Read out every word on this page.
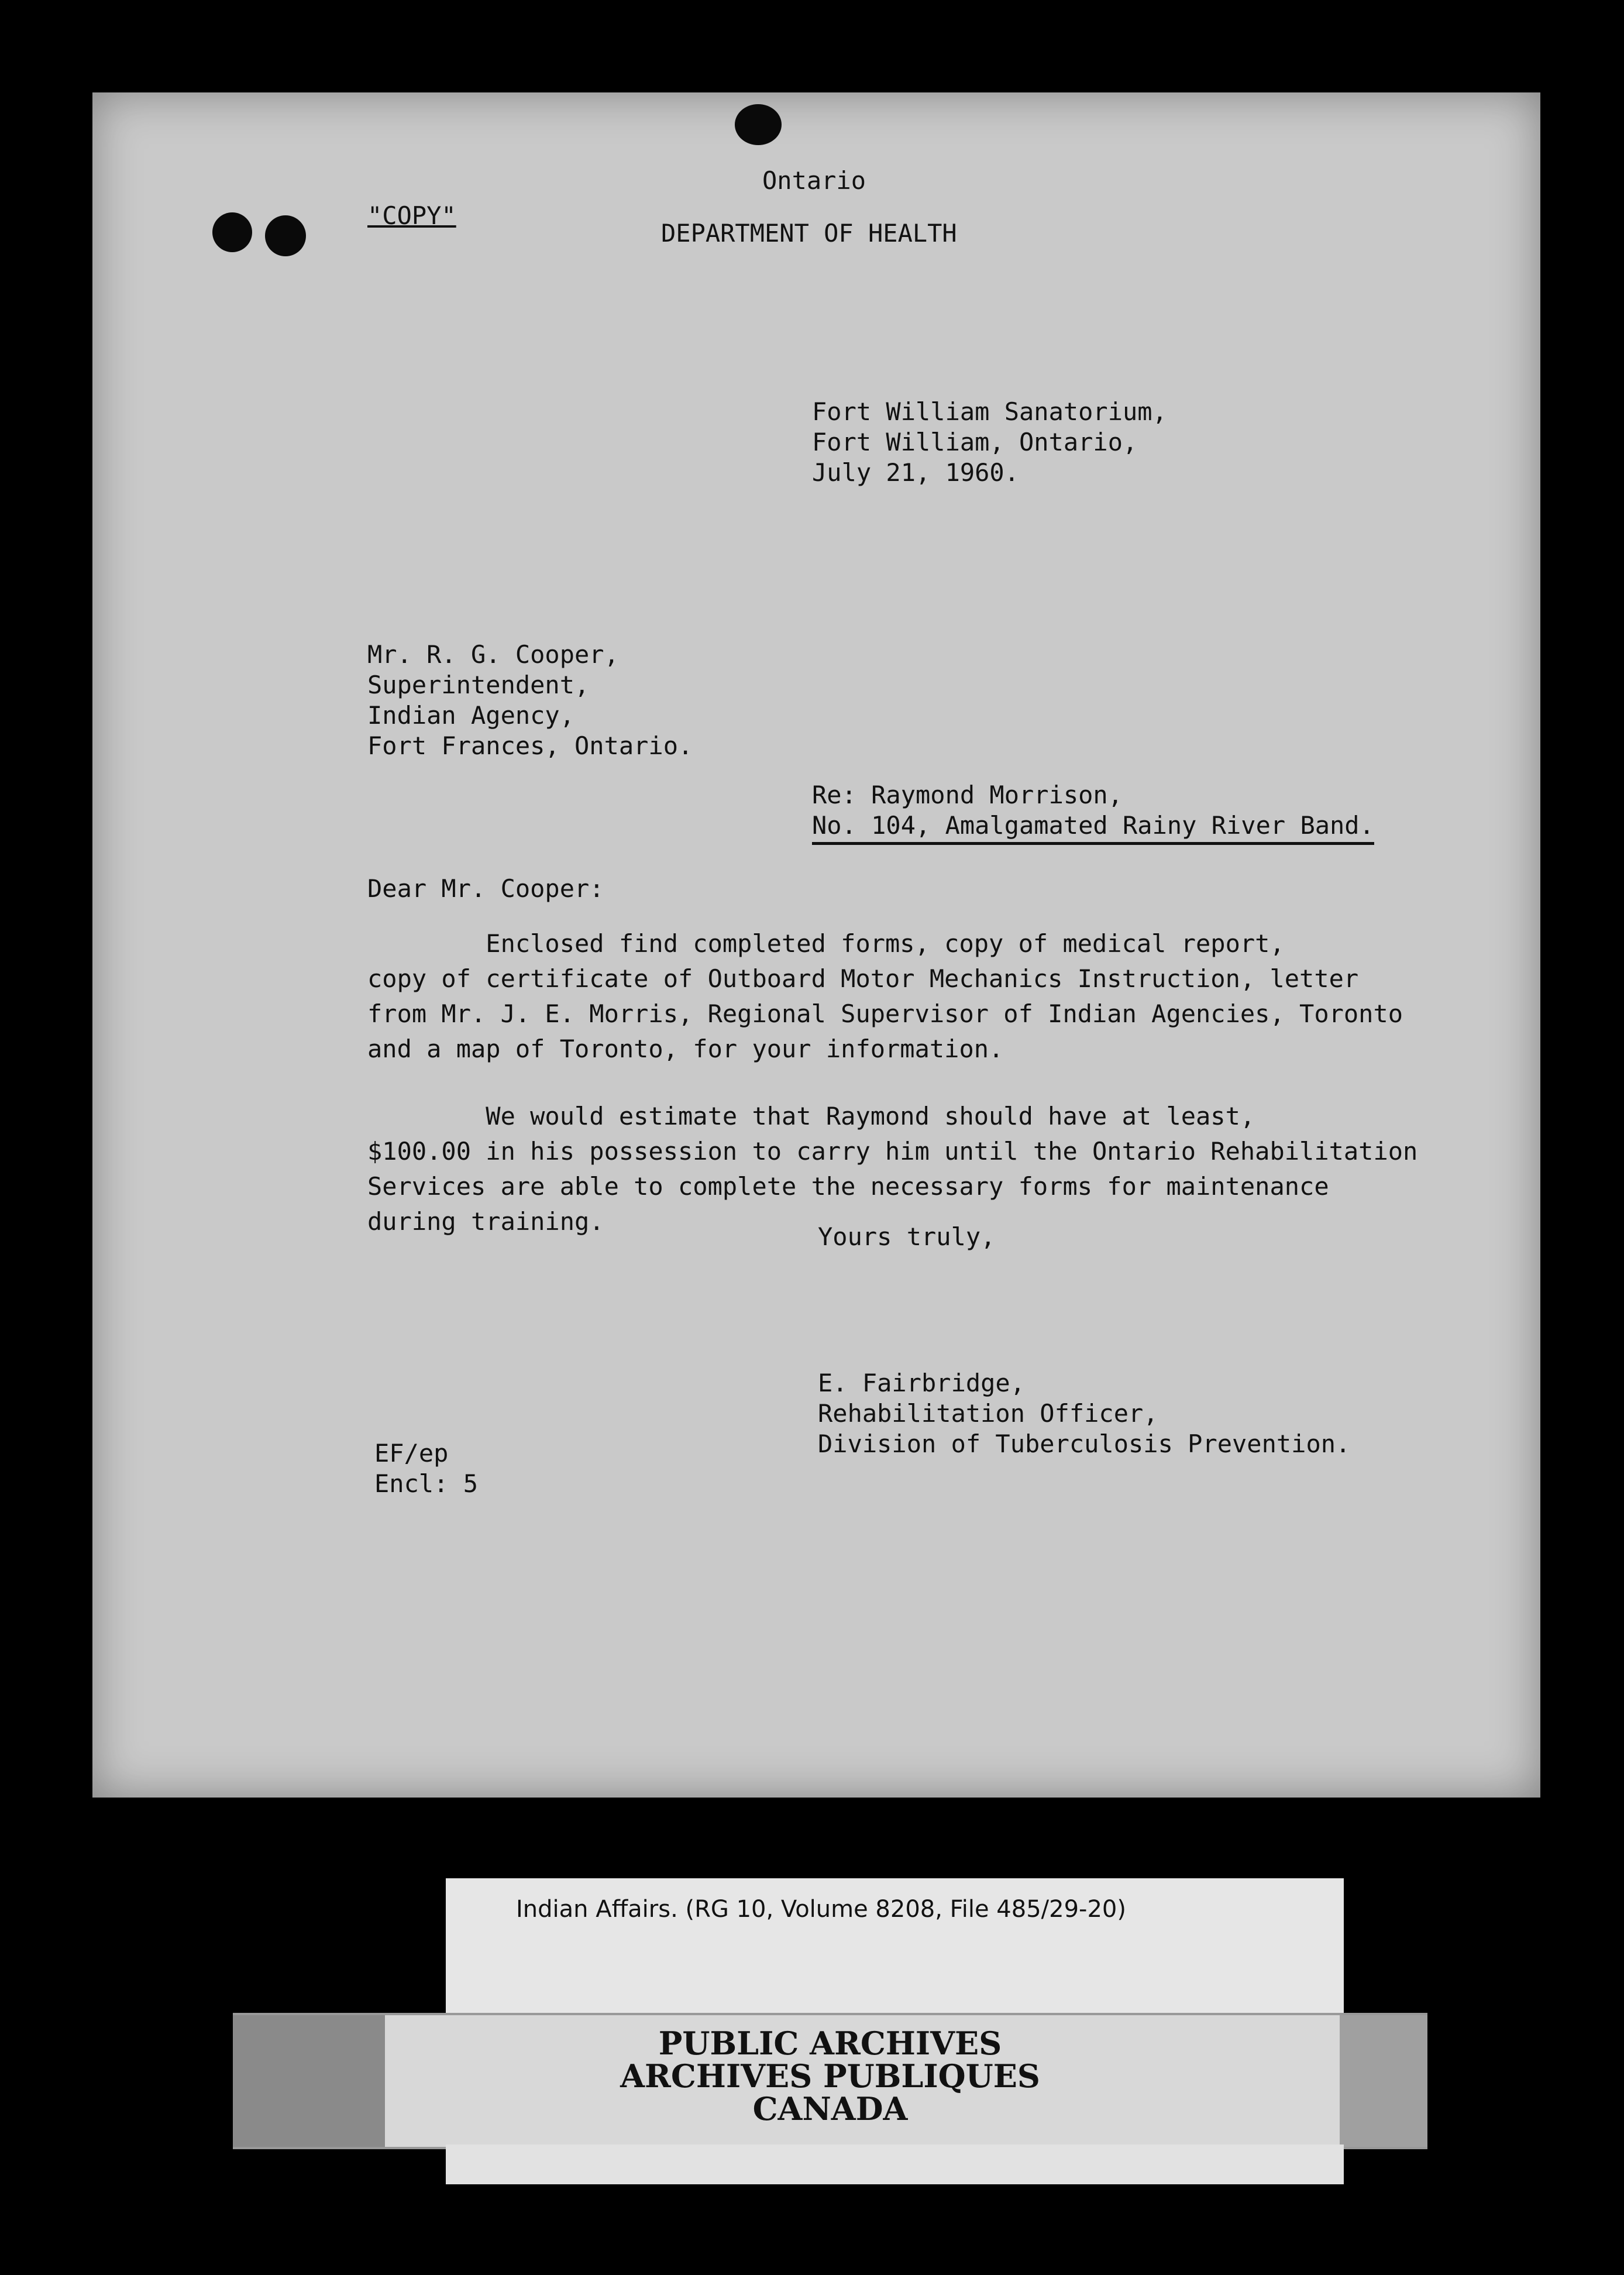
"COPY"
Ontario
DEPARTMENT OF HEALTH
Fort William Sanatorium,
Fort William, Ontario,
July 21, 1960.
Mr. R. G. Cooper,
Superintendent,
Indian Agency,
Fort Frances, Ontario.
Re: Raymond Morrison,
No. 104, Amalgamated Rainy River Band.
Dear Mr. Cooper:
Enclosed find completed forms, copy of medical report,
copy of certificate of Outboard Motor Mechanics Instruction, letter
from Mr. J. E. Morris, Regional Supervisor of Indian Agencies, Toronto
and a map of Toronto, for your information.
We would estimate that Raymond should have at least,
$100.00 in his possession to carry him until the Ontario Rehabilitation
Services are able to complete the necessary forms for maintenance
during training.
Yours truly,
E. Fairbridge,
Rehabilitation Officer,
Division of Tuberculosis Prevention.
EF/ep
Encl: 5
Indian Affairs. (RG 10, Volume 8208, File 485/29-20)
PUBLIC ARCHIVES
ARCHIVES PUBLIQUES
CANADA
